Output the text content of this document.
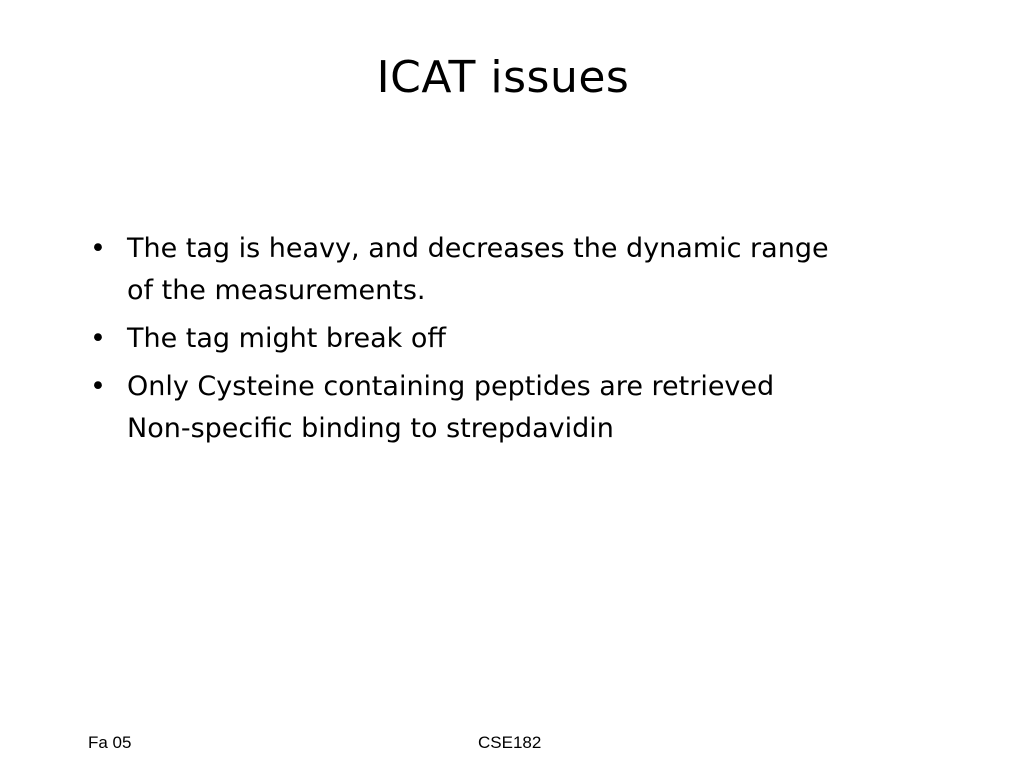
ICAT issues
• The tag is heavy, and decreases the dynamic range
of the measurements.
• The tag might break off
• Only Cysteine containing peptides are retrieved
Non-specific binding to strepdavidin
Fa 05	CSE182
